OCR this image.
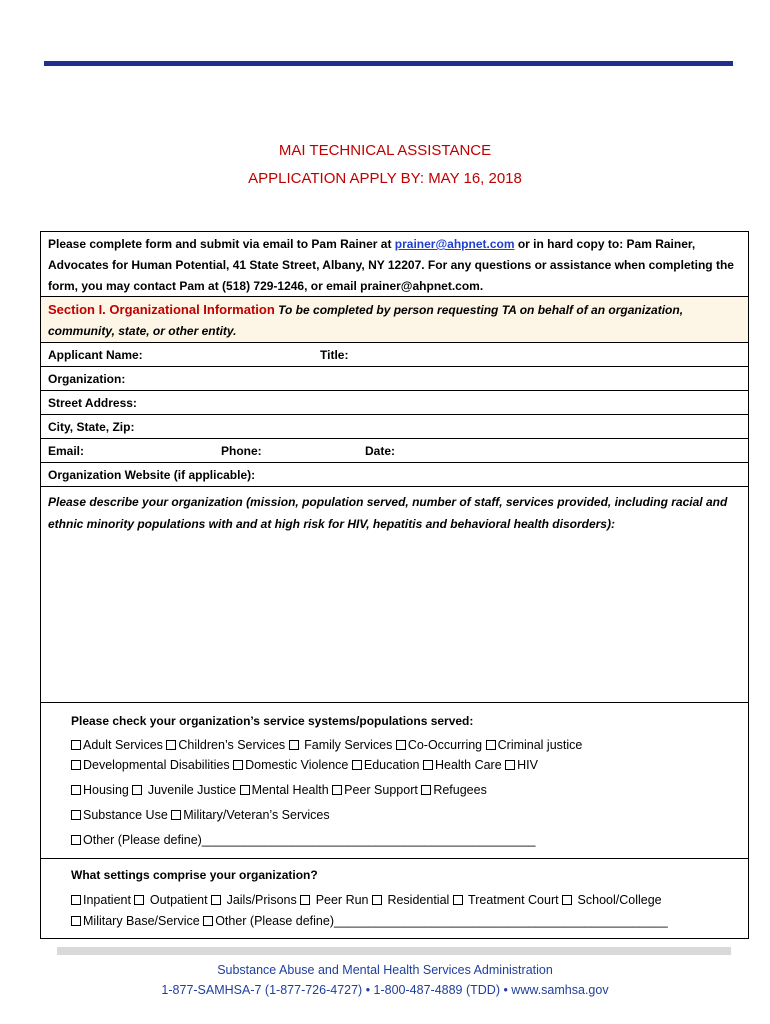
MAI TECHNICAL ASSISTANCE
APPLICATION APPLY BY: MAY 16, 2018
Please complete form and submit via email to Pam Rainer at prainer@ahpnet.com or in hard copy to: Pam Rainer, Advocates for Human Potential, 41 State Street, Albany, NY 12207. For any questions or assistance when completing the form, you may contact Pam at (518) 729-1246, or email prainer@ahpnet.com.
Section I. Organizational Information To be completed by person requesting TA on behalf of an organization, community, state, or other entity.
Applicant Name:	Title:
Organization:
Street Address:
City, State, Zip:
Email:	Phone:	Date:
Organization Website (if applicable):
Please describe your organization (mission, population served, number of staff, services provided, including racial and ethnic minority populations with and at high risk for HIV, hepatitis and behavioral health disorders):
Please check your organization’s service systems/populations served:
Adult Services Children’s Services  Family Services Co-Occurring Criminal justice
Developmental Disabilities Domestic Violence Education Health Care HIV
Housing  Juvenile Justice Mental Health Peer Support Refugees
Substance Use Military/Veteran’s Services
Other (Please define)________________________________________________
What settings comprise your organization?
Inpatient  Outpatient  Jails/Prisons  Peer Run  Residential  Treatment Court  School/College
Military Base/Service Other (Please define)________________________________________________
Substance Abuse and Mental Health Services Administration
1-877-SAMHSA-7 (1-877-726-4727) • 1-800-487-4889 (TDD) • www.samhsa.gov
